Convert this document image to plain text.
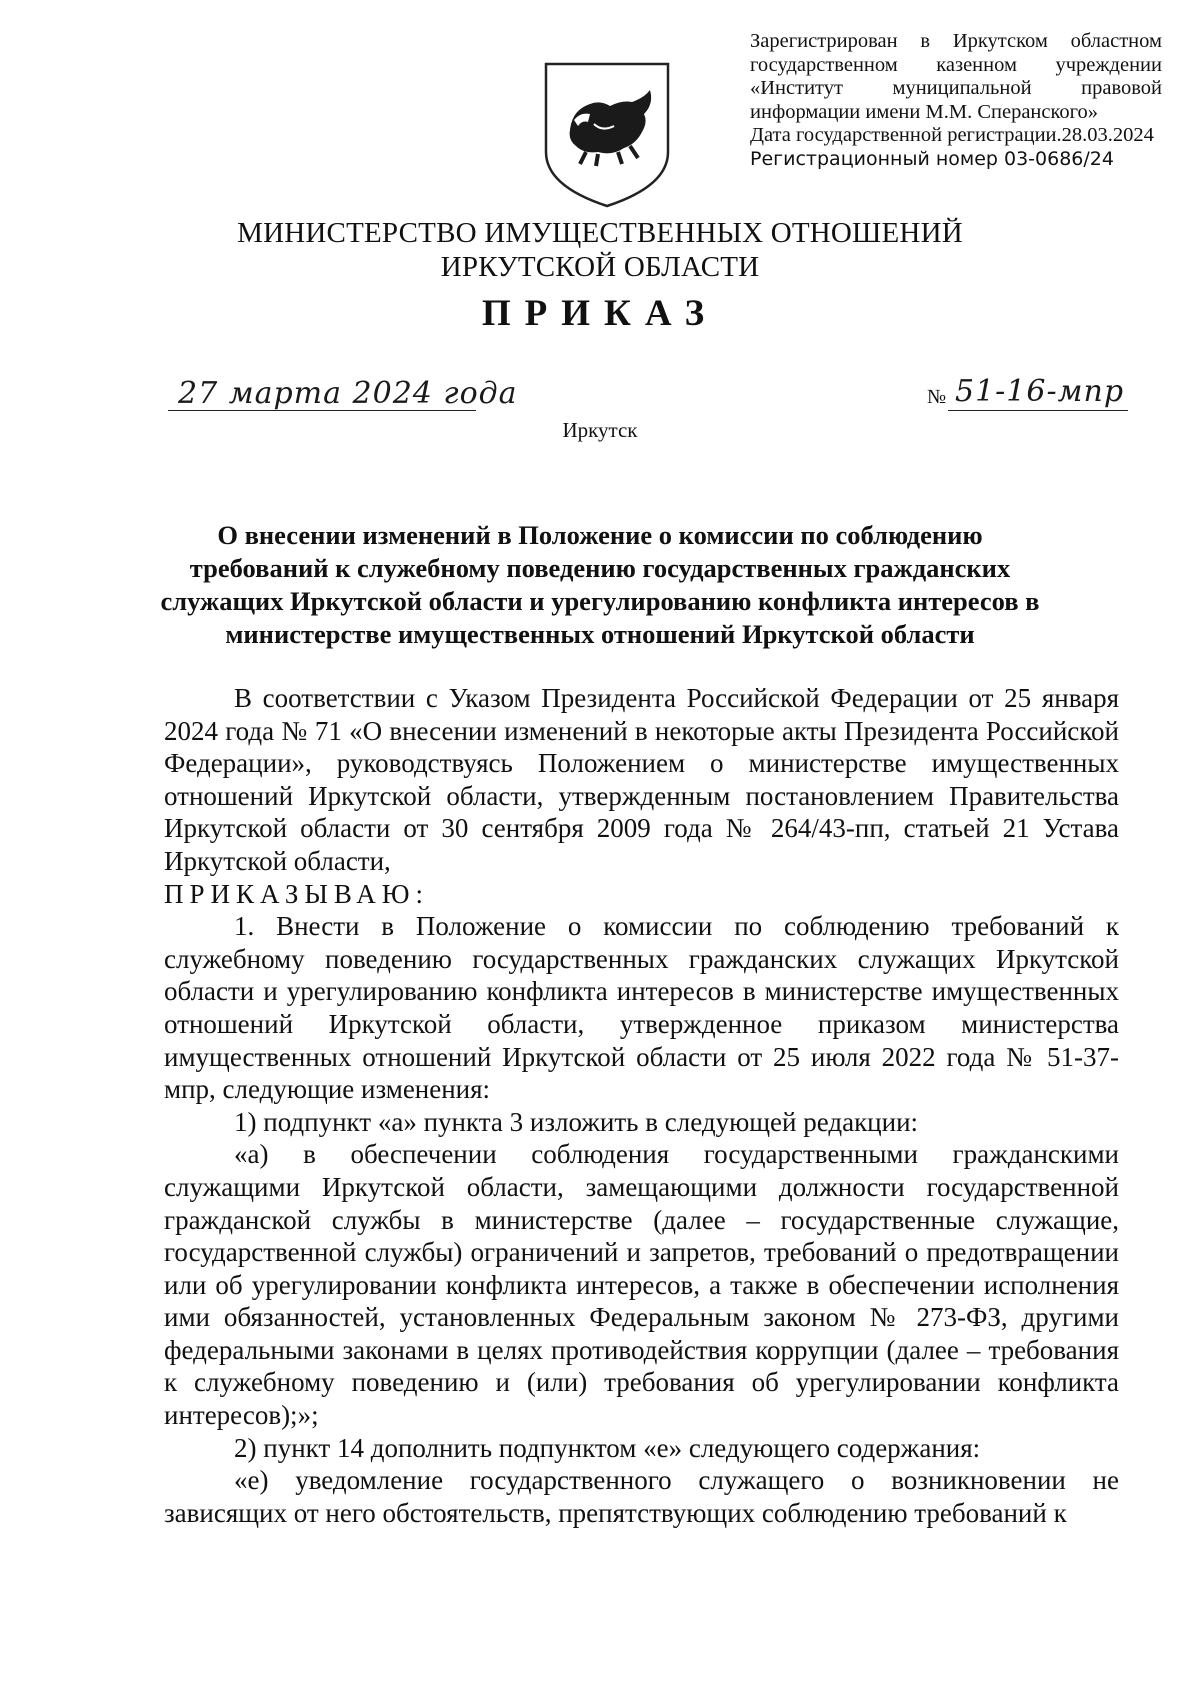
Зарегистрирован в Иркутском областном
государственном казенном учреждении
«Институт муниципальной правовой
информации имени М.М. Сперанского»
Дата государственной регистрации.28.03.2024
Регистрационный номер 03-0686/24
МИНИСТЕРСТВО ИМУЩЕСТВЕННЫХ ОТНОШЕНИЙ
ИРКУТСКОЙ ОБЛАСТИ
ПРИКАЗ
27 марта 2024 года	№ 51-16-мпр
Иркутск
О внесении изменений в Положение о комиссии по соблюдению
требований к служебному поведению государственных гражданских
служащих Иркутской области и урегулированию конфликта интересов в
министерстве имущественных отношений Иркутской области

В соответствии с Указом Президента Российской Федерации от 25 января 2024 года № 71 «О внесении изменений в некоторые акты Президента Российской Федерации», руководствуясь Положением о министерстве имущественных отношений Иркутской области, утвержденным постановлением Правительства Иркутской области от 30 сентября 2009 года № 264/43-пп, статьей 21 Устава Иркутской области,

ПРИКАЗЫВАЮ:

1. Внести в Положение о комиссии по соблюдению требований к служебному поведению государственных гражданских служащих Иркутской области и урегулированию конфликта интересов в министерстве имущественных отношений Иркутской области, утвержденное приказом министерства имущественных отношений Иркутской области от 25 июля 2022 года № 51-37-мпр, следующие изменения:

1) подпункт «а» пункта 3 изложить в следующей редакции:

«а) в обеспечении соблюдения государственными гражданскими служащими Иркутской области, замещающими должности государственной гражданской службы в министерстве (далее – государственные служащие, государственной службы) ограничений и запретов, требований о предотвращении или об урегулировании конфликта интересов, а также в обеспечении исполнения ими обязанностей, установленных Федеральным законом № 273-ФЗ, другими федеральными законами в целях противодействия коррупции (далее – требования к служебному поведению и (или) требования об урегулировании конфликта интересов);»;

2) пункт 14 дополнить подпунктом «е» следующего содержания:

«е) уведомление государственного служащего о возникновении не зависящих от него обстоятельств, препятствующих соблюдению требований к
